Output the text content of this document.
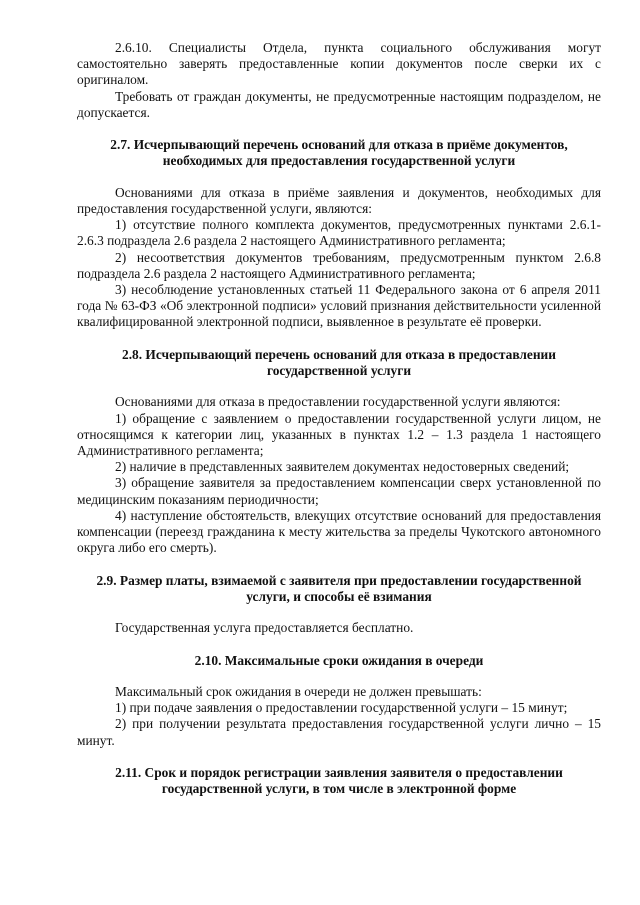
2.6.10. Специалисты Отдела, пункта социального обслуживания могут самостоятельно заверять предоставленные копии документов после сверки их с оригиналом.

Требовать от граждан документы, не предусмотренные настоящим подразделом, не допускается.

2.7. Исчерпывающий перечень оснований для отказа в приёме документов, необходимых для предоставления государственной услуги

Основаниями для отказа в приёме заявления и документов, необходимых для предоставления государственной услуги, являются:

1) отсутствие полного комплекта документов, предусмотренных пунктами 2.6.1-2.6.3 подраздела 2.6 раздела 2 настоящего Административного регламента;

2) несоответствия документов требованиям, предусмотренным пунктом 2.6.8 подраздела 2.6 раздела 2 настоящего Административного регламента;

3) несоблюдение установленных статьей 11 Федерального закона от 6 апреля 2011 года № 63-ФЗ «Об электронной подписи» условий признания действительности усиленной квалифицированной электронной подписи, выявленное в результате её проверки.

2.8. Исчерпывающий перечень оснований для отказа в предоставлении государственной услуги

Основаниями для отказа в предоставлении государственной услуги являются:

1) обращение с заявлением о предоставлении государственной услуги лицом, не относящимся к категории лиц, указанных в пунктах 1.2 – 1.3 раздела 1 настоящего Административного регламента;

2) наличие в представленных заявителем документах недостоверных сведений;

3) обращение заявителя за предоставлением компенсации сверх установленной по медицинским показаниям периодичности;

4) наступление обстоятельств, влекущих отсутствие оснований для предоставления компенсации (переезд гражданина к месту жительства за пределы Чукотского автономного округа либо его смерть).

2.9. Размер платы, взимаемой с заявителя при предоставлении государственной услуги, и способы её взимания

Государственная услуга предоставляется бесплатно.

2.10. Максимальные сроки ожидания в очереди

Максимальный срок ожидания в очереди не должен превышать:

1) при подаче заявления о предоставлении государственной услуги – 15 минут;

2) при получении результата предоставления государственной услуги лично – 15 минут.

2.11. Срок и порядок регистрации заявления заявителя о предоставлении государственной услуги, в том числе в электронной форме
